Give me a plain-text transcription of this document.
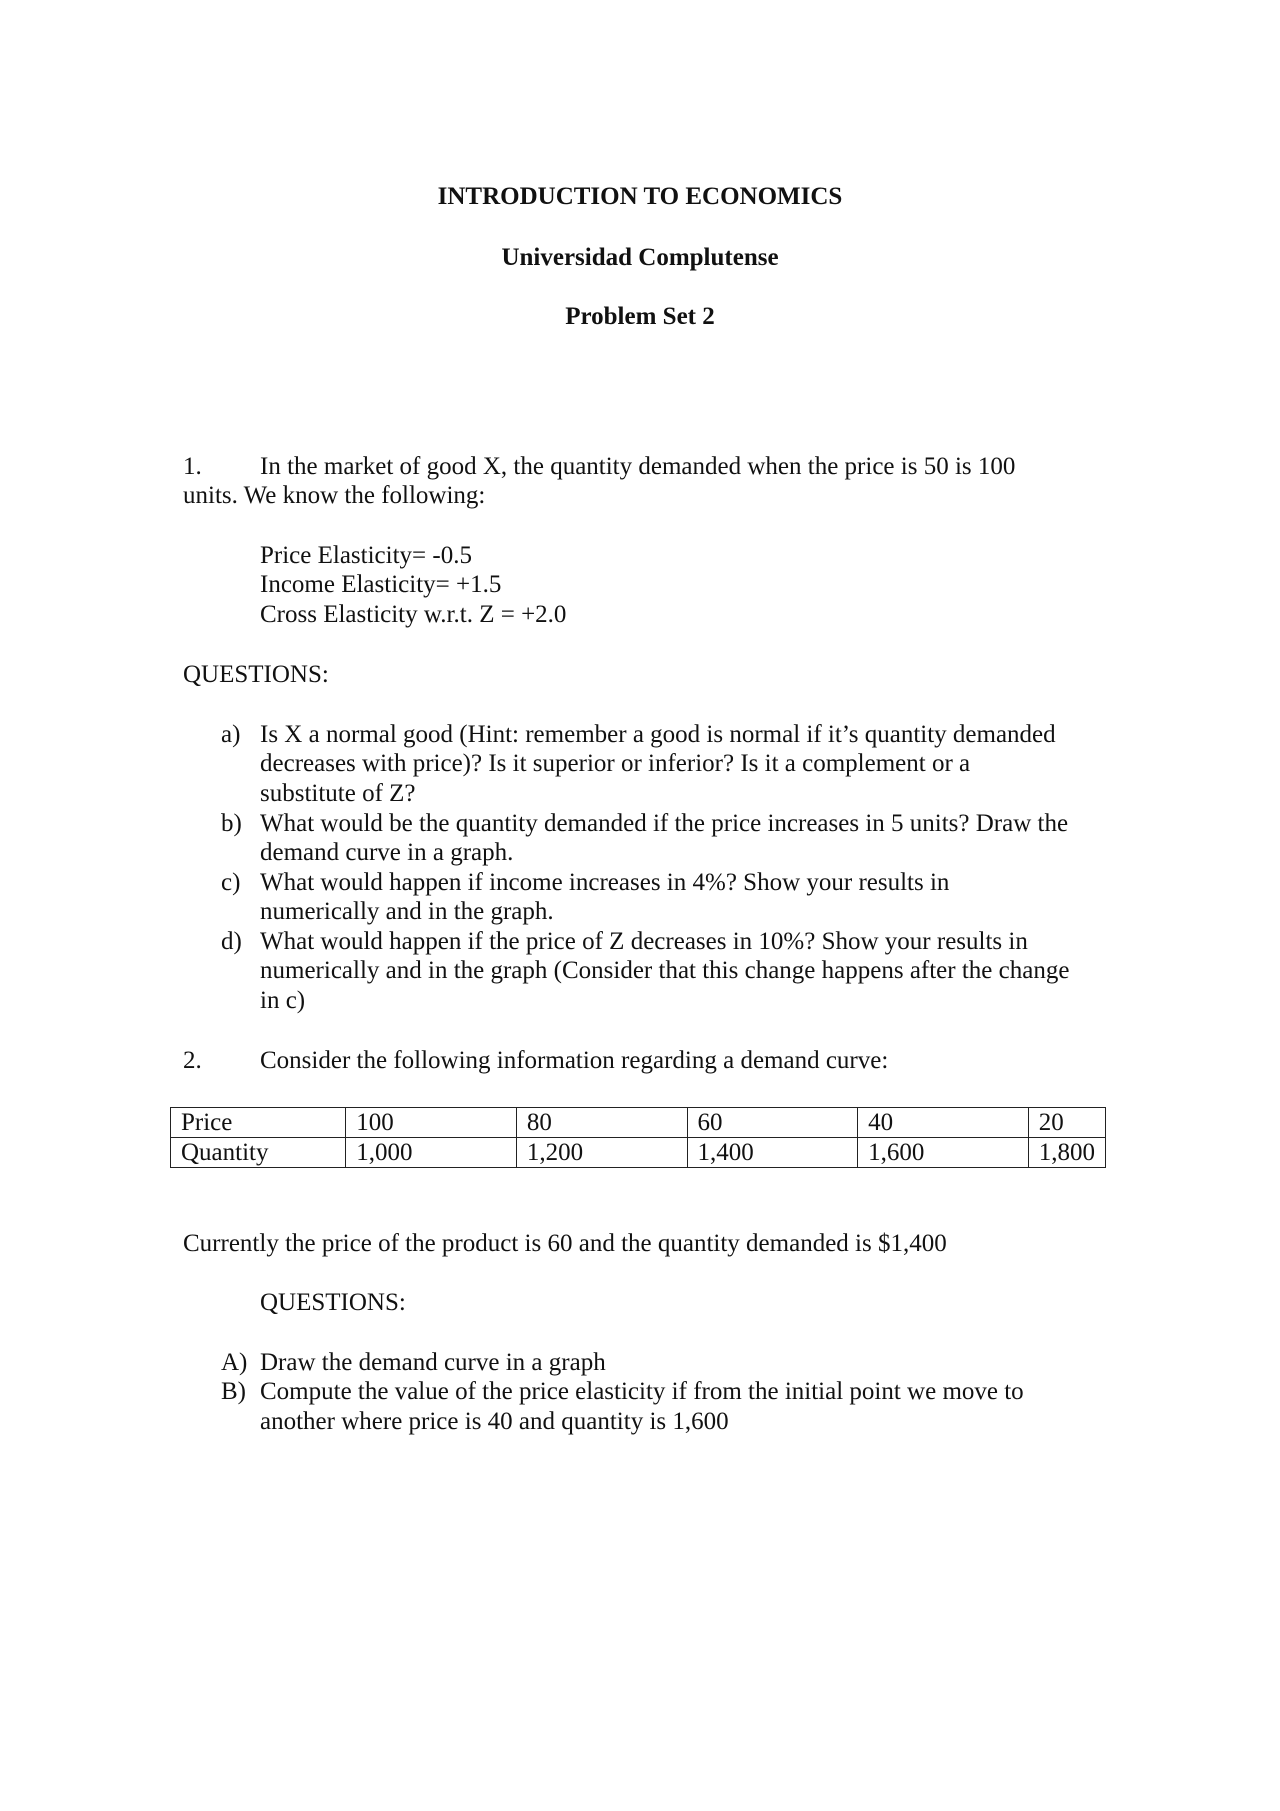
INTRODUCTION TO ECONOMICS
Universidad Complutense
Problem Set 2
1. In the market of good X, the quantity demanded when the price is 50 is 100
units. We know the following:
Price Elasticity= -0.5
Income Elasticity= +1.5
Cross Elasticity w.r.t. Z = +2.0
QUESTIONS:
a) Is X a normal good (Hint: remember a good is normal if it’s quantity demanded
decreases with price)? Is it superior or inferior? Is it a complement or a
substitute of Z?
b) What would be the quantity demanded if the price increases in 5 units? Draw the
demand curve in a graph.
c) What would happen if income increases in 4%? Show your results in
numerically and in the graph.
d) What would happen if the price of Z decreases in 10%? Show your results in
numerically and in the graph (Consider that this change happens after the change
in c)
2. Consider the following information regarding a demand curve:
Price	100	80	60	40	20
Quantity	1,000	1,200	1,400	1,600	1,800
Currently the price of the product is 60 and the quantity demanded is $1,400
QUESTIONS:
A) Draw the demand curve in a graph
B) Compute the value of the price elasticity if from the initial point we move to
another where price is 40 and quantity is 1,600
